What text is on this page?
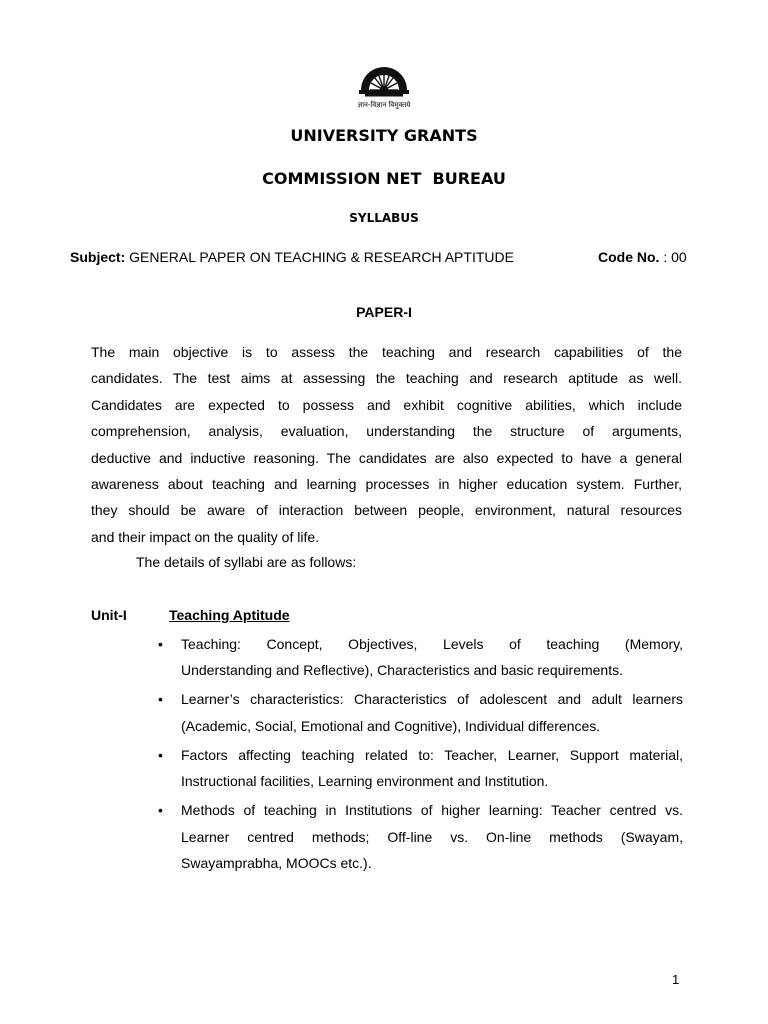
ज्ञान-विज्ञान विमुक्तये
UNIVERSITY GRANTS
COMMISSION NET  BUREAU
SYLLABUS
Subject: GENERAL PAPER ON TEACHING & RESEARCH APTITUDE	Code No. : 00
PAPER-I
The main objective is to assess the teaching and research capabilities of the
candidates. The test aims at assessing the teaching and research aptitude as well.
Candidates are expected to possess and exhibit cognitive abilities, which include
comprehension, analysis, evaluation, understanding the structure of arguments,
deductive and inductive reasoning. The candidates are also expected to have a general
awareness about teaching and learning processes in higher education system. Further,
they should be aware of interaction between people, environment, natural resources
and their impact on the quality of life.
The details of syllabi are as follows:
Unit-I	Teaching Aptitude
• Teaching: Concept, Objectives, Levels of teaching (Memory,
Understanding and Reflective), Characteristics and basic requirements.
• Learner’s characteristics: Characteristics of adolescent and adult learners
(Academic, Social, Emotional and Cognitive), Individual differences.
• Factors affecting teaching related to: Teacher, Learner, Support material,
Instructional facilities, Learning environment and Institution.
• Methods of teaching in Institutions of higher learning: Teacher centred vs.
Learner centred methods; Off-line vs. On-line methods (Swayam,
Swayamprabha, MOOCs etc.).
1
